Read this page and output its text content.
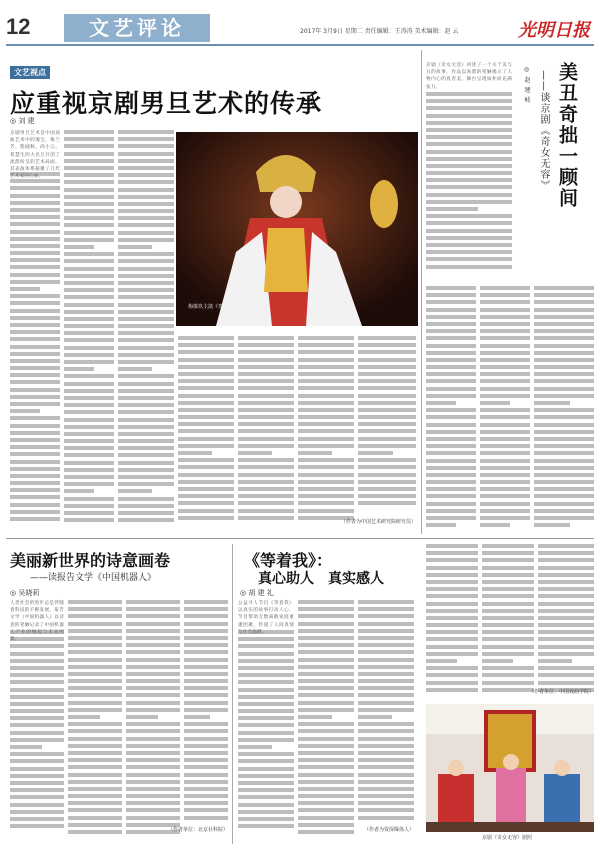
12	文艺评论	2017年 3月9日 星期二 责任编辑：王涛涛 美术编辑：赵 云	光明日报
文艺视点
应重视京剧男旦艺术的传承
◎ 刘 建

京剧男旦艺术是中国戏曲艺术中的瑰宝，梅兰芳、程砚秋、尚小云、荀慧生四大名旦开创了流派纷呈的艺术局面，其表演体系凝聚了几代艺术家的心血。

（作者为中国艺术研究院研究员）
梅葆玖主演《贵妃醉酒》剧照
美丑奇拙一顾间
——谈京剧《奇女无容》
◎ 赵 建 岐

京剧《奇女无容》讲述了一个关于美与丑的故事，作品以诙谐的笔触揭示了人物内心的真善美，舞台呈现质朴而充满张力。

美丽新世界的诗意画卷
——读报告文学《中国机器人》
◎ 吴晓莉

人类社会的进步总是伴随着科技的不断发展，报告文学《中国机器人》以诗意的笔触记录了中国机器人产业的崛起与未来图景。

（作者单位：北京社科院）
《等着我》：
真心助人　真实感人
◎ 胡 建 礼

公益寻人节目《等着我》以真实的故事打动人心，节目帮助无数离散家庭重逢团聚，传递了人间真情与社会温暖。

（作者为资深媒体人）
（作者单位：中国戏曲学院）
京剧《奇女无容》剧照
